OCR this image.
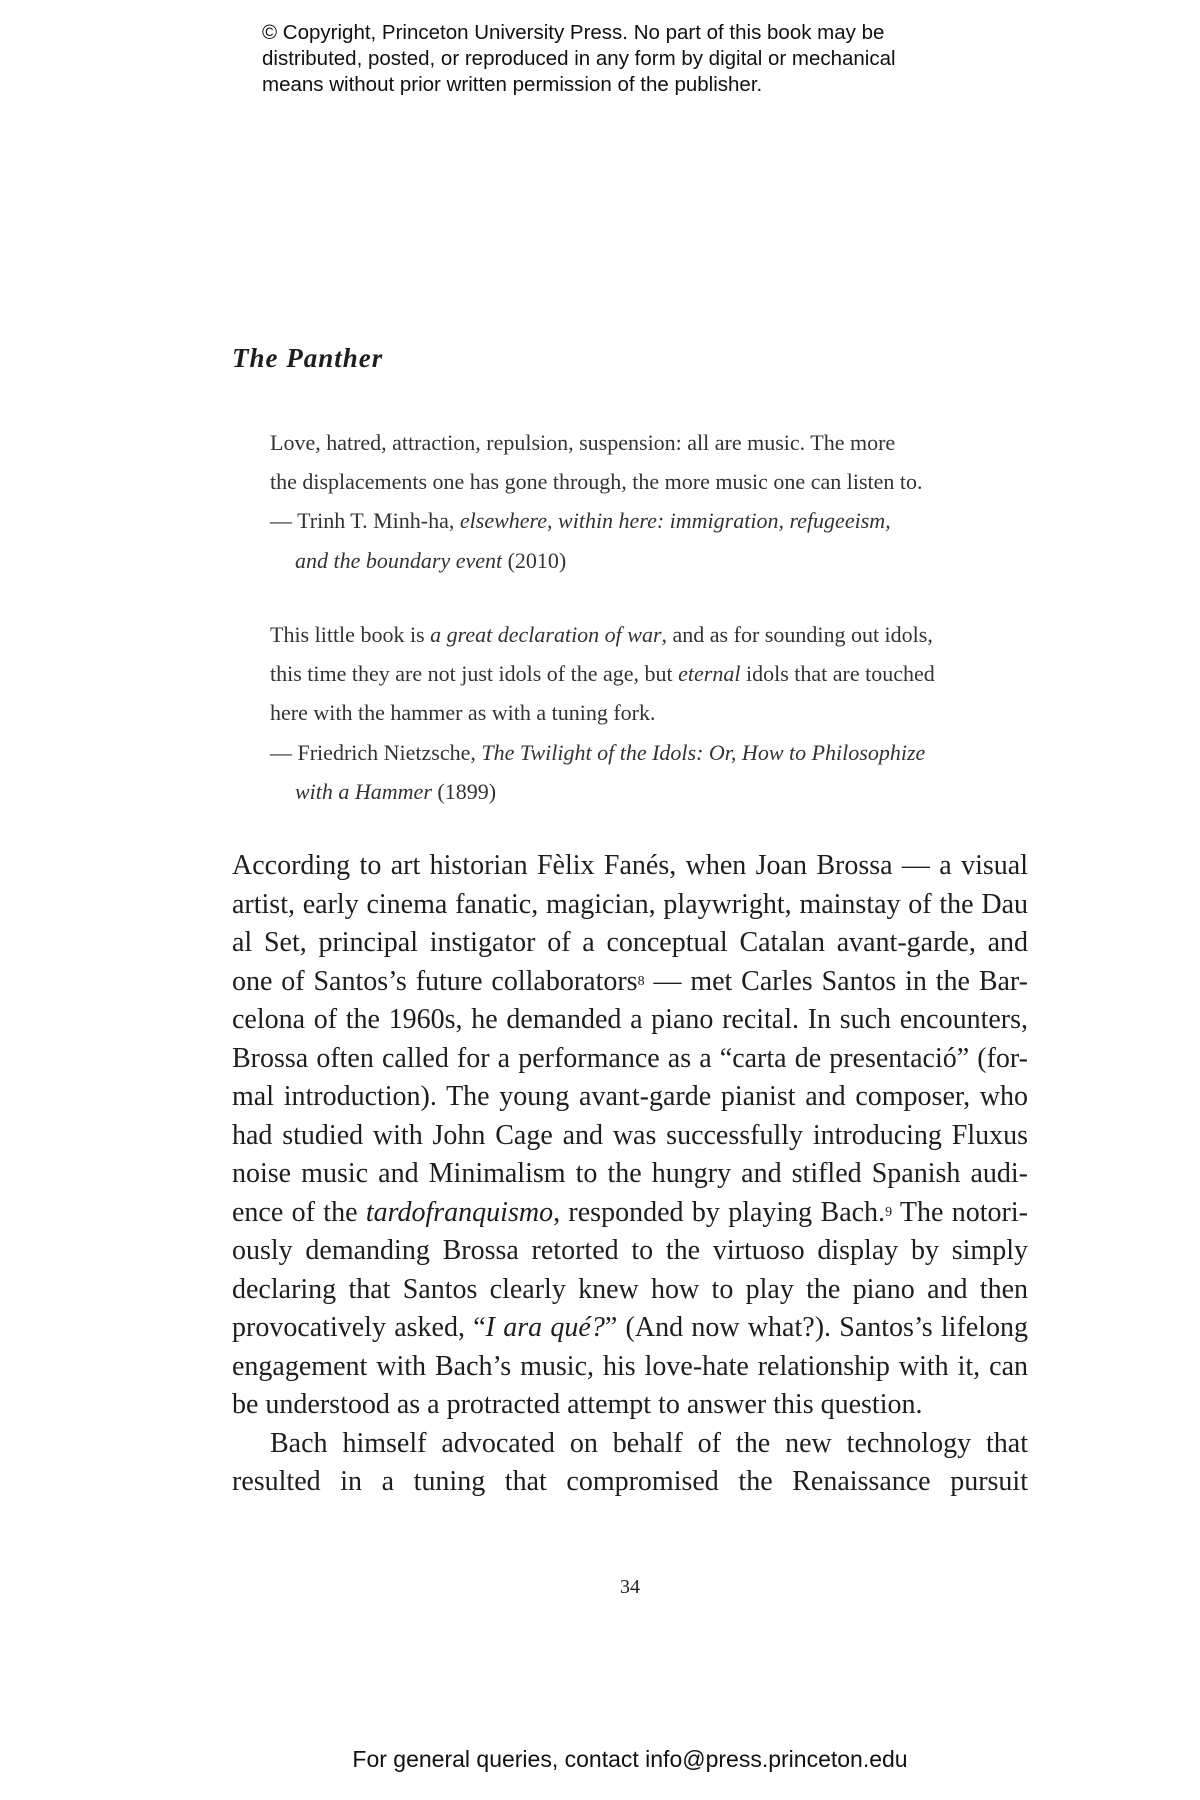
© Copyright, Princeton University Press. No part of this book may be
distributed, posted, or reproduced in any form by digital or mechanical
means without prior written permission of the publisher.
The Panther
Love, hatred, attraction, repulsion, suspension: all are music. The more
the displacements one has gone through, the more music one can listen to.
— Trinh T. Minh-ha, elsewhere, within here: immigration, refugeeism,
and the boundary event (2010)
This little book is a great declaration of war, and as for sounding out idols,
this time they are not just idols of the age, but eternal idols that are touched
here with the hammer as with a tuning fork.
— Friedrich Nietzsche, The Twilight of the Idols: Or, How to Philosophize
with a Hammer (1899)
According to art historian Fèlix Fanés, when Joan Brossa — a visual
artist, early cinema fanatic, magician, playwright, mainstay of the Dau
al Set, principal instigator of a conceptual Catalan avant-garde, and
one of Santos’s future collaborators$^8$ — met Carles Santos in the Bar-
celona of the 1960s, he demanded a piano recital. In such encounters,
Brossa often called for a performance as a “carta de presentació” (for-
mal introduction). The young avant-garde pianist and composer, who
had studied with John Cage and was successfully introducing Fluxus
noise music and Minimalism to the hungry and stifled Spanish audi-
ence of the tardofranquismo, responded by playing Bach.$^9$ The notori-
ously demanding Brossa retorted to the virtuoso display by simply
declaring that Santos clearly knew how to play the piano and then
provocatively asked, “I ara qué?” (And now what?). Santos’s lifelong
engagement with Bach’s music, his love-hate relationship with it, can
be understood as a protracted attempt to answer this question.
Bach himself advocated on behalf of the new technology that
resulted in a tuning that compromised the Renaissance pursuit
34
For general queries, contact info@press.princeton.edu
